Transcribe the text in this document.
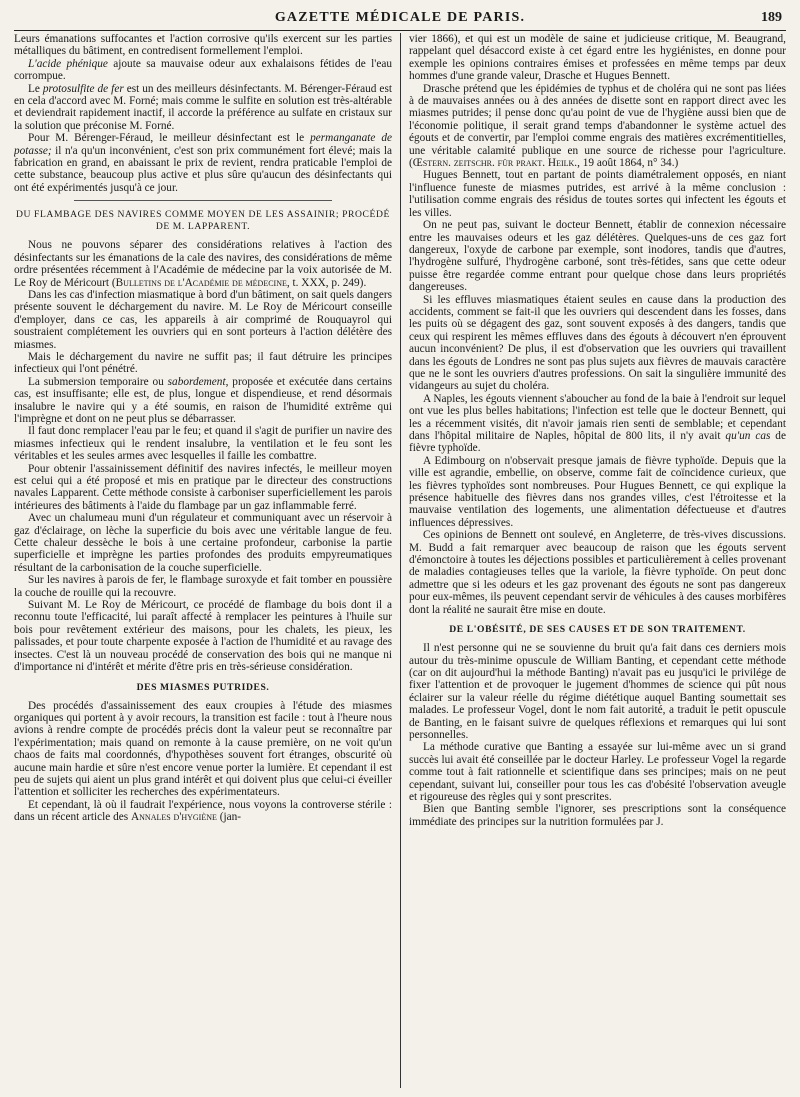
GAZETTE MÉDICALE DE PARIS.	189

Leurs émanations suffocantes et l'action corrosive qu'ils exercent sur les parties métalliques du bâtiment, en contredisent formellement l'emploi.

L'acide phénique ajoute sa mauvaise odeur aux exhalaisons fétides de l'eau corrompue.

Le protosulfite de fer est un des meilleurs désinfectants. M. Bérenger-Féraud est en cela d'accord avec M. Forné; mais comme le sulfite en solution est très-altérable et deviendrait rapidement inactif, il accorde la préférence au sulfate en cristaux sur la solution que préconise M. Forné.

Pour M. Bérenger-Féraud, le meilleur désinfectant est le permanganate de potasse; il n'a qu'un inconvénient, c'est son prix communément fort élevé; mais la fabrication en grand, en abaissant le prix de revient, rendra praticable l'emploi de cette substance, beaucoup plus active et plus sûre qu'aucun des désinfectants qui ont été expérimentés jusqu'à ce jour.

DU FLAMBAGE DES NAVIRES COMME MOYEN DE LES ASSAINIR; PROCÉDÉ DE M. LAPPARENT.

Nous ne pouvons séparer des considérations relatives à l'action des désinfectants sur les émanations de la cale des navires, des considérations de même ordre présentées récemment à l'Académie de médecine par la voix autorisée de M. Le Roy de Méricourt (Bulletins de l'Académie de médecine, t. XXX, p. 249).

Dans les cas d'infection miasmatique à bord d'un bâtiment, on sait quels dangers présente souvent le déchargement du navire. M. Le Roy de Méricourt conseille d'employer, dans ce cas, les appareils à air comprimé de Rouquayrol qui soustraient complétement les ouvriers qui en sont porteurs à l'action délétère des miasmes.

Mais le déchargement du navire ne suffit pas; il faut détruire les principes infectieux qui l'ont pénétré.

La submersion temporaire ou sabordement, proposée et exécutée dans certains cas, est insuffisante; elle est, de plus, longue et dispendieuse, et rend désormais insalubre le navire qui y a été soumis, en raison de l'humidité extrême qui l'imprègne et dont on ne peut plus se débarrasser.

Il faut donc remplacer l'eau par le feu; et quand il s'agit de purifier un navire des miasmes infectieux qui le rendent insalubre, la ventilation et le feu sont les véritables et les seules armes avec lesquelles il faille les combattre.

Pour obtenir l'assainissement définitif des navires infectés, le meilleur moyen est celui qui a été proposé et mis en pratique par le directeur des constructions navales Lapparent. Cette méthode consiste à carboniser superficiellement les parois intérieures des bâtiments à l'aide du flambage par un gaz inflammable ferré.

Avec un chalumeau muni d'un régulateur et communiquant avec un réservoir à gaz d'éclairage, on lèche la superficie du bois avec une véritable langue de feu. Cette chaleur dessèche le bois à une certaine profondeur, carbonise la partie superficielle et imprègne les parties profondes des produits empyreumatiques résultant de la carbonisation de la couche superficielle.

Sur les navires à parois de fer, le flambage suroxyde et fait tomber en poussière la couche de rouille qui la recouvre.

Suivant M. Le Roy de Méricourt, ce procédé de flambage du bois dont il a reconnu toute l'efficacité, lui paraît affecté à remplacer les peintures à l'huile sur bois pour revêtement extérieur des maisons, pour les chalets, les pieux, les palissades, et pour toute charpente exposée à l'action de l'humidité et au ravage des insectes. C'est là un nouveau procédé de conservation des bois qui ne manque ni d'importance ni d'intérêt et mérite d'être pris en très-sérieuse considération.

DES MIASMES PUTRIDES.

Des procédés d'assainissement des eaux croupies à l'étude des miasmes organiques qui portent à y avoir recours, la transition est facile : tout à l'heure nous avions à rendre compte de procédés précis dont la valeur peut se reconnaître par l'expérimentation; mais quand on remonte à la cause première, on ne voit qu'un chaos de faits mal coordonnés, d'hypothèses souvent fort étranges, obscurité où aucune main hardie et sûre n'est encore venue porter la lumière. Et cependant il est peu de sujets qui aient un plus grand intérêt et qui doivent plus que celui-ci éveiller l'attention et solliciter les recherches des expérimentateurs.

Et cependant, là où il faudrait l'expérience, nous voyons la controverse stérile : dans un récent article des Annales d'hygiène (jan-

vier 1866), et qui est un modèle de saine et judicieuse critique, M. Beaugrand, rappelant quel désaccord existe à cet égard entre les hygiénistes, en donne pour exemple les opinions contraires émises et professées en même temps par deux hommes d'une grande valeur, Drasche et Hugues Bennett.

Drasche prétend que les épidémies de typhus et de choléra qui ne sont pas liées à de mauvaises années ou à des années de disette sont en rapport direct avec les miasmes putrides; il pense donc qu'au point de vue de l'hygiène aussi bien que de l'économie politique, il serait grand temps d'abandonner le système actuel des égouts et de convertir, par l'emploi comme engrais des matières excrémentitielles, une véritable calamité publique en une source de richesse pour l'agriculture. (Œstern. zeitschr. für prakt. Heilk., 19 août 1864, n° 34.)

Hugues Bennett, tout en partant de points diamétralement opposés, en niant l'influence funeste de miasmes putrides, est arrivé à la même conclusion : l'utilisation comme engrais des résidus de toutes sortes qui infectent les égouts et les villes.

On ne peut pas, suivant le docteur Bennett, établir de connexion nécessaire entre les mauvaises odeurs et les gaz délétères. Quelques-uns de ces gaz fort dangereux, l'oxyde de carbone par exemple, sont inodores, tandis que d'autres, l'hydrogène sulfuré, l'hydrogène carboné, sont très-fétides, sans que cette odeur puisse être regardée comme entrant pour quelque chose dans leurs propriétés dangereuses.

Si les effluves miasmatiques étaient seules en cause dans la production des accidents, comment se fait-il que les ouvriers qui descendent dans les fosses, dans les puits où se dégagent des gaz, sont souvent exposés à des dangers, tandis que ceux qui respirent les mêmes effluves dans des égouts à découvert n'en éprouvent aucun inconvénient? De plus, il est d'observation que les ouvriers qui travaillent dans les égouts de Londres ne sont pas plus sujets aux fièvres de mauvais caractère que ne le sont les ouvriers d'autres professions. On sait la singulière immunité des vidangeurs au sujet du choléra.

A Naples, les égouts viennent s'aboucher au fond de la baie à l'endroit sur lequel ont vue les plus belles habitations; l'infection est telle que le docteur Bennett, qui les a récemment visités, dit n'avoir jamais rien senti de semblable; et cependant dans l'hôpital militaire de Naples, hôpital de 800 lits, il n'y avait qu'un cas de fièvre typhoïde.

A Edimbourg on n'observait presque jamais de fièvre typhoïde. Depuis que la ville est agrandie, embellie, on observe, comme fait de coïncidence curieux, que les fièvres typhoïdes sont nombreuses. Pour Hugues Bennett, ce qui explique la présence habituelle des fièvres dans nos grandes villes, c'est l'étroitesse et la mauvaise ventilation des logements, une alimentation défectueuse et d'autres influences dépressives.

Ces opinions de Bennett ont soulevé, en Angleterre, de très-vives discussions. M. Budd a fait remarquer avec beaucoup de raison que les égouts servent d'émonctoire à toutes les déjections possibles et particulièrement à celles provenant de maladies contagieuses telles que la variole, la fièvre typhoïde. On peut donc admettre que si les odeurs et les gaz provenant des égouts ne sont pas dangereux pour eux-mêmes, ils peuvent cependant servir de véhicules à des causes morbifères dont la réalité ne saurait être mise en doute.

DE L'OBÉSITÉ, DE SES CAUSES ET DE SON TRAITEMENT.

Il n'est personne qui ne se souvienne du bruit qu'a fait dans ces derniers mois autour du très-minime opuscule de William Banting, et cependant cette méthode (car on dit aujourd'hui la méthode Banting) n'avait pas eu jusqu'ici le privilége de fixer l'attention et de provoquer le jugement d'hommes de science qui pût nous éclairer sur la valeur réelle du régime diététique auquel Banting soumettait ses malades. Le professeur Vogel, dont le nom fait autorité, a traduit le petit opuscule de Banting, en le faisant suivre de quelques réflexions et remarques qui lui sont personnelles.

La méthode curative que Banting a essayée sur lui-même avec un si grand succès lui avait été conseillée par le docteur Harley. Le professeur Vogel la regarde comme tout à fait rationnelle et scientifique dans ses principes; mais on ne peut cependant, suivant lui, conseiller pour tous les cas d'obésité l'observation aveugle et rigoureuse des règles qui y sont prescrites.

Bien que Banting semble l'ignorer, ses prescriptions sont la conséquence immédiate des principes sur la nutrition formulées par J.
